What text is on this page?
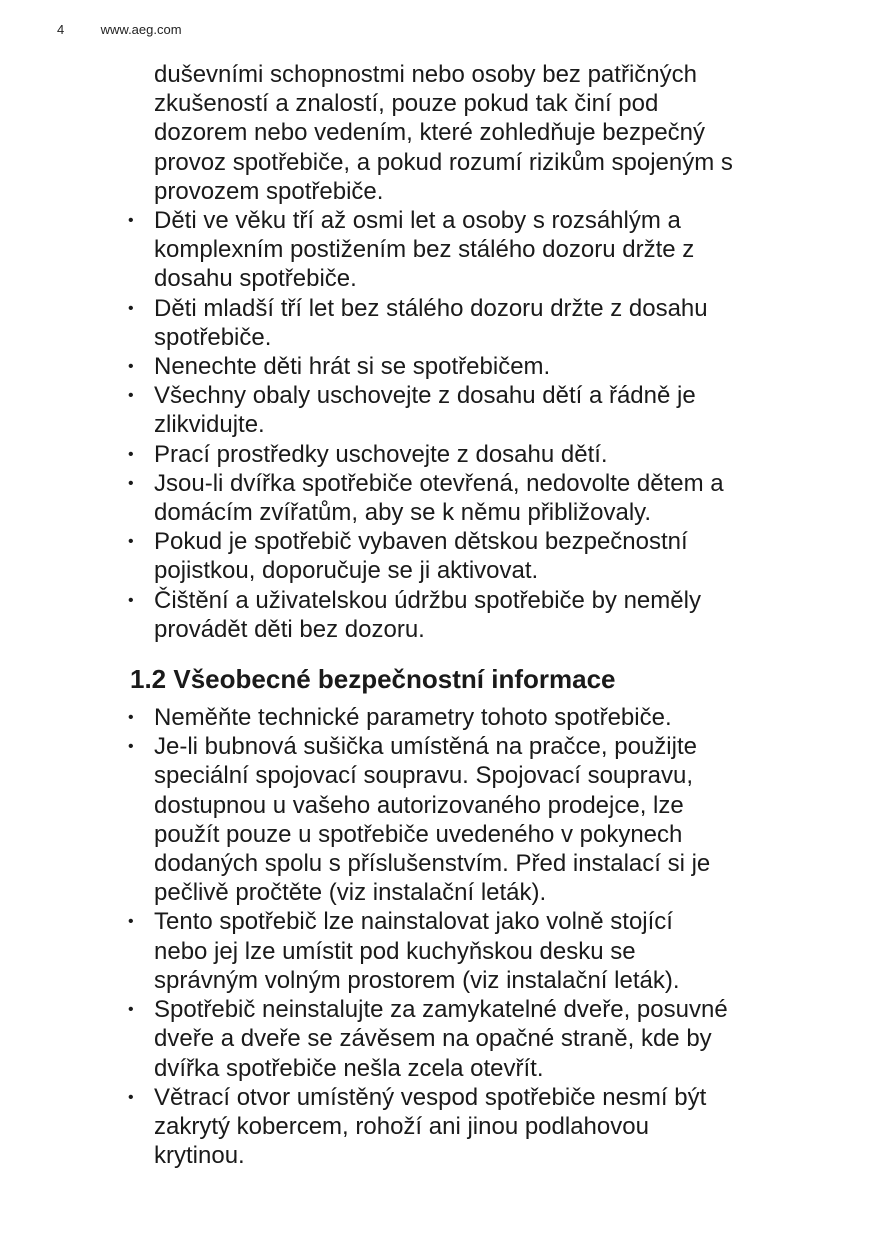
4	www.aeg.com

duševními schopnostmi nebo osoby bez patřičných
zkušeností a znalostí, pouze pokud tak činí pod
dozorem nebo vedením, které zohledňuje bezpečný
provoz spotřebiče, a pokud rozumí rizikům spojeným s
provozem spotřebiče.

• Děti ve věku tří až osmi let a osoby s rozsáhlým a
komplexním postižením bez stálého dozoru držte z
dosahu spotřebiče.
• Děti mladší tří let bez stálého dozoru držte z dosahu
spotřebiče.
• Nenechte děti hrát si se spotřebičem.
• Všechny obaly uschovejte z dosahu dětí a řádně je
zlikvidujte.
• Prací prostředky uschovejte z dosahu dětí.
• Jsou-li dvířka spotřebiče otevřená, nedovolte dětem a
domácím zvířatům, aby se k němu přibližovaly.
• Pokud je spotřebič vybaven dětskou bezpečnostní
pojistkou, doporučuje se ji aktivovat.
• Čištění a uživatelskou údržbu spotřebiče by neměly
provádět děti bez dozoru.
1.2 Všeobecné bezpečnostní informace
• Neměňte technické parametry tohoto spotřebiče.
• Je-li bubnová sušička umístěná na pračce, použijte
speciální spojovací soupravu. Spojovací soupravu,
dostupnou u vašeho autorizovaného prodejce, lze
použít pouze u spotřebiče uvedeného v pokynech
dodaných spolu s příslušenstvím. Před instalací si je
pečlivě pročtěte (viz instalační leták).
• Tento spotřebič lze nainstalovat jako volně stojící
nebo jej lze umístit pod kuchyňskou desku se
správným volným prostorem (viz instalační leták).
• Spotřebič neinstalujte za zamykatelné dveře, posuvné
dveře a dveře se závěsem na opačné straně, kde by
dvířka spotřebiče nešla zcela otevřít.
• Větrací otvor umístěný vespod spotřebiče nesmí být
zakrytý kobercem, rohoží ani jinou podlahovou
krytinou.
